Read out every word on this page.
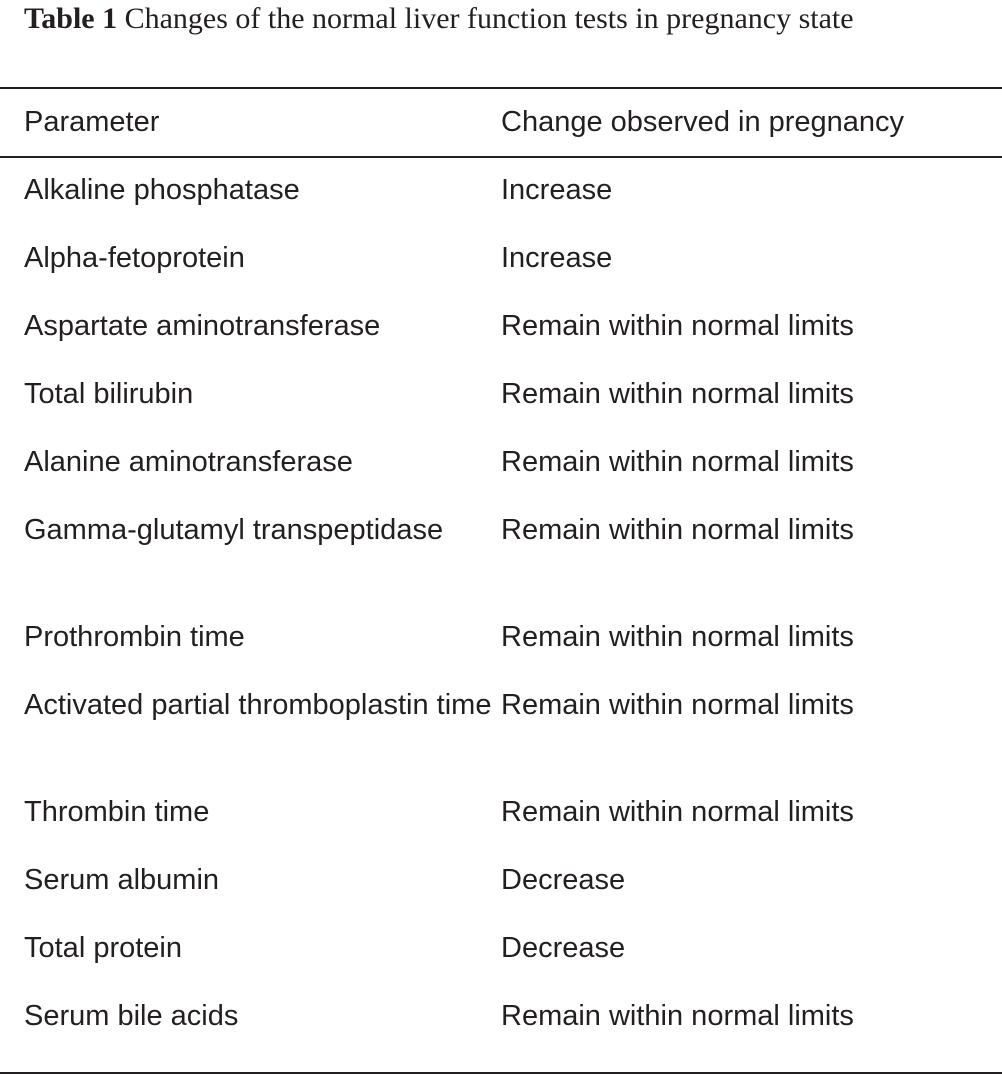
Table 1 Changes of the normal liver function tests in pregnancy state
Parameter	Change observed in pregnancy
Alkaline phosphatase	Increase
Alpha-fetoprotein	Increase
Aspartate aminotransferase	Remain within normal limits
Total bilirubin	Remain within normal limits
Alanine aminotransferase	Remain within normal limits

Gamma-glutamyl transpeptidase	Remain within normal limits
Prothrombin time	Remain within normal limits

Activated partial thromboplastin time	Remain within normal limits
Thrombin time	Remain within normal limits
Serum albumin	Decrease
Total protein	Decrease
Serum bile acids	Remain within normal limits
